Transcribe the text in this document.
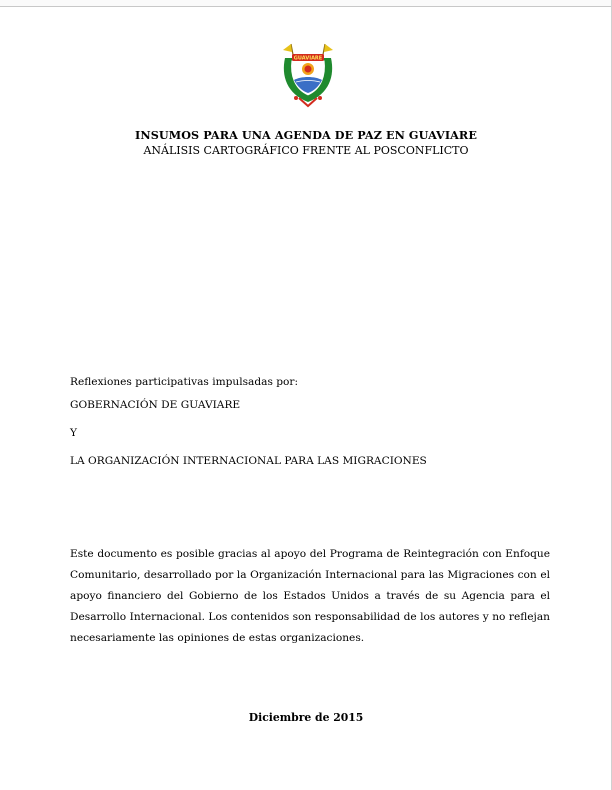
GUAVIARE
INSUMOS PARA UNA AGENDA DE PAZ EN GUAVIARE
ANÁLISIS CARTOGRÁFICO FRENTE AL POSCONFLICTO
Reflexiones participativas impulsadas por:
GOBERNACIÓN DE GUAVIARE
Y
LA ORGANIZACIÓN INTERNACIONAL PARA LAS MIGRACIONES
Este documento es posible gracias al apoyo del Programa de Reintegración con Enfoque Comunitario, desarrollado por la Organización Internacional para las Migraciones con el apoyo financiero del Gobierno de los Estados Unidos a través de su Agencia para el Desarrollo Internacional. Los contenidos son responsabilidad de los autores y no reflejan necesariamente las opiniones de estas organizaciones.
Diciembre de 2015
